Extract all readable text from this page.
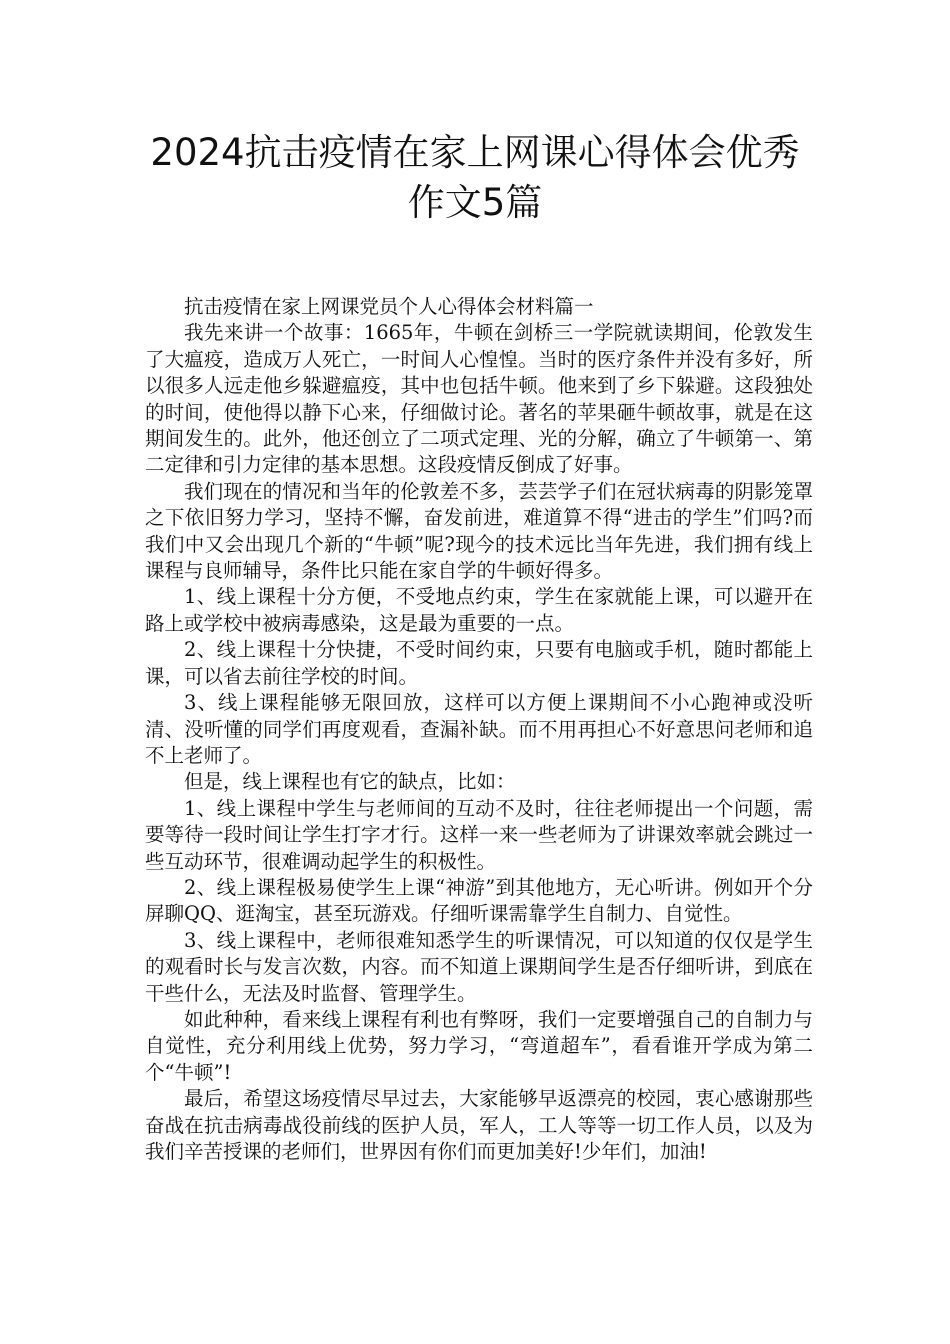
2024抗击疫情在家上网课心得体会优秀
作文5篇

抗击疫情在家上网课党员个人心得体会材料篇一

我先来讲一个故事：1665年，牛顿在剑桥三一学院就读期间，伦敦发生了大瘟疫，造成万人死亡，一时间人心惶惶。当时的医疗条件并没有多好，所以很多人远走他乡躲避瘟疫，其中也包括牛顿。他来到了乡下躲避。这段独处的时间，使他得以静下心来，仔细做讨论。著名的苹果砸牛顿故事，就是在这期间发生的。此外，他还创立了二项式定理、光的分解，确立了牛顿第一、第二定律和引力定律的基本思想。这段疫情反倒成了好事。

我们现在的情况和当年的伦敦差不多，芸芸学子们在冠状病毒的阴影笼罩之下依旧努力学习，坚持不懈，奋发前进，难道算不得“进击的学生”们吗?而我们中又会出现几个新的“牛顿”呢?现今的技术远比当年先进，我们拥有线上课程与良师辅导，条件比只能在家自学的牛顿好得多。

1、线上课程十分方便，不受地点约束，学生在家就能上课，可以避开在路上或学校中被病毒感染，这是最为重要的一点。

2、线上课程十分快捷，不受时间约束，只要有电脑或手机，随时都能上课，可以省去前往学校的时间。

3、线上课程能够无限回放，这样可以方便上课期间不小心跑神或没听清、没听懂的同学们再度观看，查漏补缺。而不用再担心不好意思问老师和追不上老师了。

但是，线上课程也有它的缺点，比如：

1、线上课程中学生与老师间的互动不及时，往往老师提出一个问题，需要等待一段时间让学生打字才行。这样一来一些老师为了讲课效率就会跳过一些互动环节，很难调动起学生的积极性。

2、线上课程极易使学生上课“神游”到其他地方，无心听讲。例如开个分屏聊QQ、逛淘宝，甚至玩游戏。仔细听课需靠学生自制力、自觉性。

3、线上课程中，老师很难知悉学生的听课情况，可以知道的仅仅是学生的观看时长与发言次数，内容。而不知道上课期间学生是否仔细听讲，到底在干些什么，无法及时监督、管理学生。

如此种种，看来线上课程有利也有弊呀，我们一定要增强自己的自制力与自觉性，充分利用线上优势，努力学习，“弯道超车”，看看谁开学成为第二个“牛顿”!

最后，希望这场疫情尽早过去，大家能够早返漂亮的校园，衷心感谢那些奋战在抗击病毒战役前线的医护人员，军人，工人等等一切工作人员，以及为我们辛苦授课的老师们，世界因有你们而更加美好!少年们，加油!
